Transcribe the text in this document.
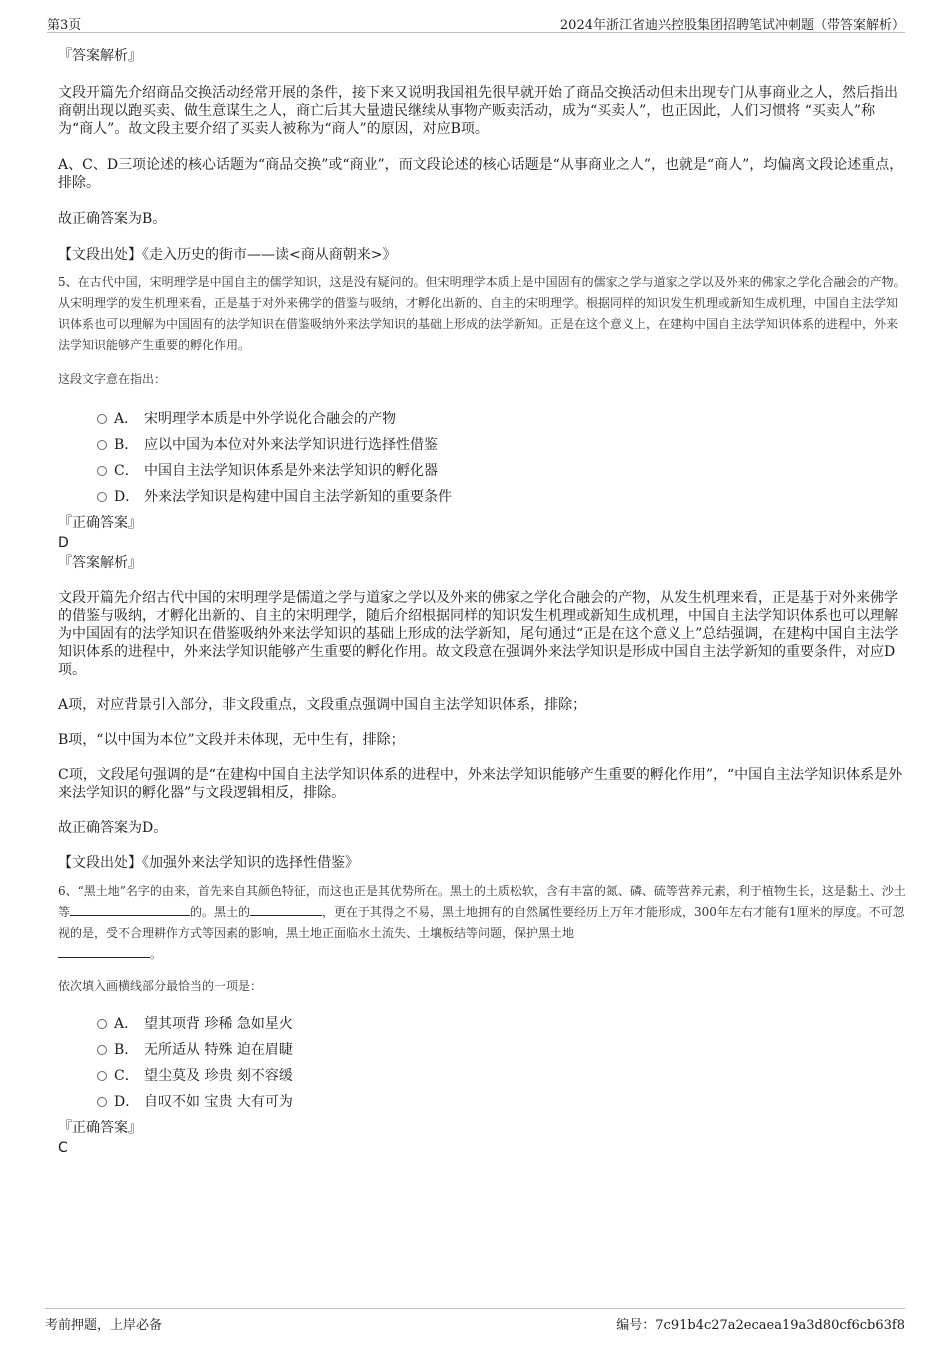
第3页	2024年浙江省迪兴控股集团招聘笔试冲刺题（带答案解析）
『答案解析』

文段开篇先介绍商品交换活动经常开展的条件，接下来又说明我国祖先很早就开始了商品交换活动但未出现专门从事商业之人，然后指出商朝出现以跑买卖、做生意谋生之人，商亡后其大量遗民继续从事物产贩卖活动，成为“买卖人”，也正因此，人们习惯将 “买卖人”称为“商人”。故文段主要介绍了买卖人被称为“商人”的原因，对应B项。

A、C、D三项论述的核心话题为“商品交换”或“商业”，而文段论述的核心话题是“从事商业之人”，也就是“商人”，均偏离文段论述重点，排除。

故正确答案为B。

【文段出处】《走入历史的街市——读<商从商朝来>》

5、在古代中国，宋明理学是中国自主的儒学知识，这是没有疑问的。但宋明理学本质上是中国固有的儒家之学与道家之学以及外来的佛家之学化合融会的产物。从宋明理学的发生机理来看，正是基于对外来佛学的借鉴与吸纳，才孵化出新的、自主的宋明理学。根据同样的知识发生机理或新知生成机理，中国自主法学知识体系也可以理解为中国固有的法学知识在借鉴吸纳外来法学知识的基础上形成的法学新知。正是在这个意义上，在建构中国自主法学知识体系的进程中，外来法学知识能够产生重要的孵化作用。

这段文字意在指出：

A． 宋明理学本质是中外学说化合融会的产物
B． 应以中国为本位对外来法学知识进行选择性借鉴
C． 中国自主法学知识体系是外来法学知识的孵化器
D． 外来法学知识是构建中国自主法学新知的重要条件
『正确答案』
D
『答案解析』

文段开篇先介绍古代中国的宋明理学是儒道之学与道家之学以及外来的佛家之学化合融会的产物，从发生机理来看，正是基于对外来佛学的借鉴与吸纳，才孵化出新的、自主的宋明理学，随后介绍根据同样的知识发生机理或新知生成机理，中国自主法学知识体系也可以理解为中国固有的法学知识在借鉴吸纳外来法学知识的基础上形成的法学新知，尾句通过“正是在这个意义上”总结强调，在建构中国自主法学知识体系的进程中，外来法学知识能够产生重要的孵化作用。故文段意在强调外来法学知识是形成中国自主法学新知的重要条件，对应D项。

A项，对应背景引入部分，非文段重点，文段重点强调中国自主法学知识体系，排除；

B项，“以中国为本位”文段并未体现，无中生有，排除；

C项，文段尾句强调的是“在建构中国自主法学知识体系的进程中，外来法学知识能够产生重要的孵化作用”，“中国自主法学知识体系是外来法学知识的孵化器”与文段逻辑相反，排除。

故正确答案为D。

【文段出处】《加强外来法学知识的选择性借鉴》

6、“黑土地”名字的由来，首先来自其颜色特征，而这也正是其优势所在。黑土的土质松软，含有丰富的氮、磷、硫等营养元素，利于植物生长，这是黏土、沙土等	的。黑土的	，更在于其得之不易，黑土地拥有的自然属性要经历上万年才能形成，300年左右才能有1厘米的厚度。不可忽视的是，受不合理耕作方式等因素的影响，黑土地正面临水土流失、土壤板结等问题，保护黑土地
。

依次填入画横线部分最恰当的一项是：

A． 望其项背 珍稀 急如星火
B． 无所适从 特殊 迫在眉睫
C． 望尘莫及 珍贵 刻不容缓
D． 自叹不如 宝贵 大有可为
『正确答案』
C
考前押题，上岸必备	编号：7c91b4c27a2ecaea19a3d80cf6cb63f8
